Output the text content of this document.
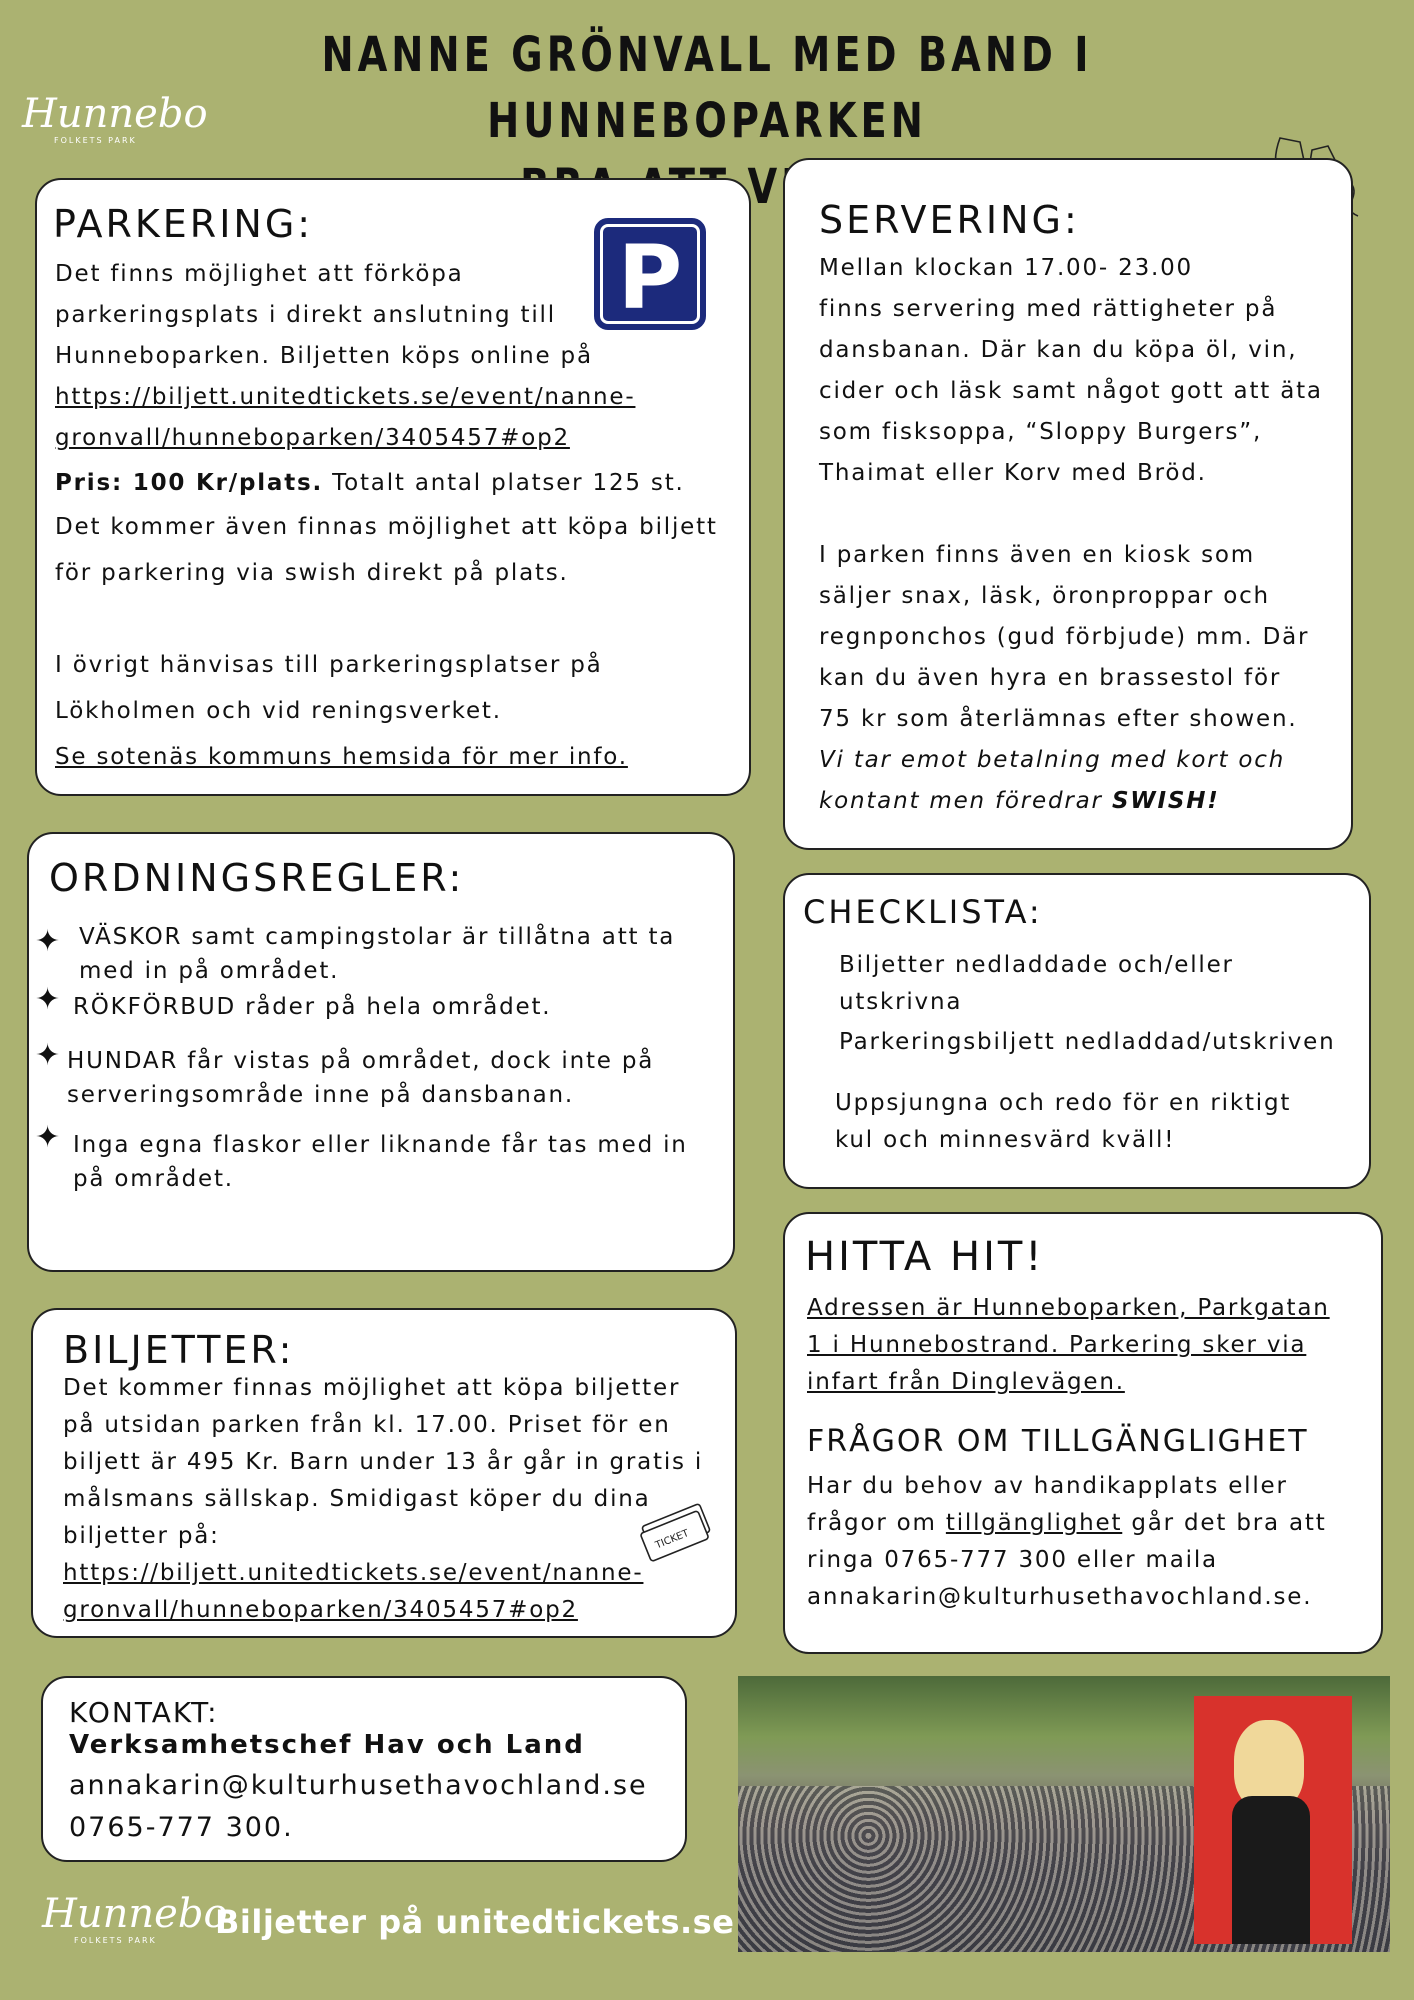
NANNE GRÖNVALL MED BAND I HUNNEBOPARKEN
Hunnebo
FOLKETS PARK
PARKERING:
Det finns möjlighet att förköpa
parkeringsplats i direkt anslutning till
Hunneboparken. Biljetten köps online på
https://biljett.unitedtickets.se/event/nanne-
gronvall/hunneboparken/3405457#op2
Pris: 100 Kr/plats. Totalt antal platser 125 st.
Det kommer även finnas möjlighet att köpa biljett
för parkering via swish direkt på plats.
I övrigt hänvisas till parkeringsplatser på
Lökholmen och vid reningsverket.
Se sotenäs kommuns hemsida för mer info.
P
SERVERING:
Mellan klockan 17.00- 23.00
finns servering med rättigheter på
dansbanan. Där kan du köpa öl, vin,
cider och läsk samt något gott att äta
som fisksoppa, “Sloppy Burgers”,
Thaimat eller Korv med Bröd.
I parken finns även en kiosk som
säljer snax, läsk, öronproppar och
regnponchos (gud förbjude) mm. Där
kan du även hyra en brassestol för
75 kr som återlämnas efter showen.
Vi tar emot betalning med kort och
kontant men föredrar SWISH!
ORDNINGSREGLER:
✦ VÄSKOR samt campingstolar är tillåtna att ta
med in på området.
✦ RÖKFÖRBUD råder på hela området.
✦ HUNDAR får vistas på området, dock inte på
serveringsområde inne på dansbanan.
✦ Inga egna flaskor eller liknande får tas med in
på området.
CHECKLISTA:
Biljetter nedladdade och/eller
utskrivna
Parkeringsbiljett nedladdad/utskriven
Uppsjungna och redo för en riktigt
kul och minnesvärd kväll!
BILJETTER:
Det kommer finnas möjlighet att köpa biljetter
på utsidan parken från kl. 17.00. Priset för en
biljett är 495 Kr. Barn under 13 år går in gratis i
målsmans sällskap. Smidigast köper du dina
biljetter på:
https://biljett.unitedtickets.se/event/nanne-
gronvall/hunneboparken/3405457#op2
TICKET
HITTA HIT!
Adressen är Hunneboparken, Parkgatan
1 i Hunnebostrand. Parkering sker via
infart från Dinglevägen.
FRÅGOR OM TILLGÄNGLIGHET
Har du behov av handikapplats eller
frågor om tillgänglighet går det bra att
ringa 0765-777 300 eller maila
annakarin@kulturhusethavochland.se.
KONTAKT:
Verksamhetschef Hav och Land
annakarin@kulturhusethavochland.se
0765-777 300.
Hunnebo
FOLKETS PARK	Biljetter på unitedtickets.se
